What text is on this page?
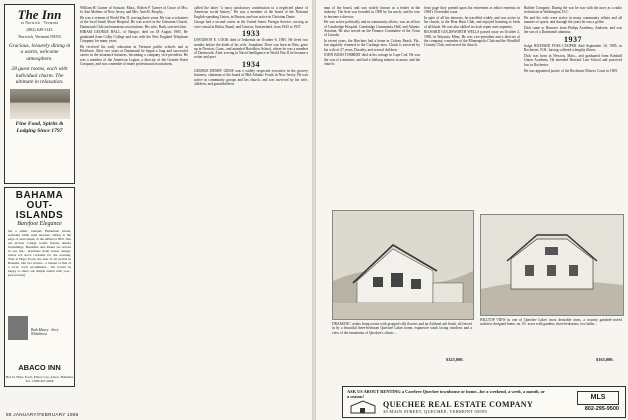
The Inn
at Norwich · Vermont
(802) 649-1143
Norwich, Vermont 05055
Gracious, leisurely dining in a warm, welcome atmosphere.
28 guest rooms, each with individual charm. The ultimate in relaxation.
Fine Food, Spirits & Lodging Since 1797
BAHAMA OUT-ISLANDS
Barefoot Elegance
On a small, tranquil, Bahamian island, secluded white sand beaches, sitting at the edge of sand dunes, is the ABACO INN. Our ten private cottage rooms feature deluxe furnishings. Breakfast and dinner are served in our inn... luxurious main house lounge, where we serve cocktails for the evening. Visit at Hope Town, the best of all worlds in Bahama. Our two ferries... a lobster or fish of a local, we'll recommend... We would be happy to share our simple island with you... (see reverse)
Ruth Maury · Jerry Whitehurst
ABACO INN
Box D, Hope Town, Elbow Cay, Abaco, Bahamas Tel. 1-809-367-2666

William H. Garner of Scituate, Mass., Robert P. Garner of Grace of Mrs. Jo Ann Mothers of New Jersey, and Mrs. Ann M. Brophy...

He was a veteran of World War II, serving three years. He was a volunteer of the local South Shore Hospital. He was active in the Unitarian Church, Dartmouth Club and numerous associations. His wife, Ruth, survives him.

HIRAM GEORGE HALL, of Bangor, died on 18 August 1985. He graduated from Colby College and was with the New England Telephone Company for many years.

He received his early education in Vermont public schools and at Hichborn. After two years at Dartmouth he began a long and successful career in the insurance business, becoming a company vice-president. He was a member of the American Legion, a director of the Granite Street Company, and was a member of many professional associations.

called the latter "a most satisfactory contribution to a neglected phase of American social history." He was a member of the board of the National English-speaking Union, in Boston, and was active in Christian Dante.

George had a second career in the United States Foreign Service, serving as vice-consul in Bahia, Brazil, and Geneva, Switzerland, from 1943 to 1947.

1933

DAVIDSON E. COOK died of leukemia on October 8, 1985. He lived two months before the death of his wife, Josephine. Dave was born in Ohio, grew up in Newton, Conn., and attended Hotchkiss School, where he was a member of Dartmouth. After serving in Naval Intelligence in World War II he became a writer and poet.

1934

GEORGE HENRY GIESE was a widely respected executive in the grocery business, chairman of the board of Mid-Atlantic Foods in New Jersey. He was active in community groups and his church, and was survived by his wife, children, and grandchildren.

88 JANUARY/FEBRUARY 1986

man of the board, and was widely known as a leader in the industry. The firm was founded in 1909 by his uncle, and he rose to become a director.

He was active politically and in community affairs, was an officer of Cambridge Hospital, Cambridge Community Hall, and Atlantic Aviation. He also served on the Finance Committee of the Town of Lincoln.

In recent years, the Hinchers had a home in Colony Beach, Fla., but regularly returned to the Carthage area. Chuck is survived by his wife of 27 years, Dorothy, and several children.

JOHN BUSH TORBERT died at his cottage in Cape Cod. He was the son of a minister, and had a lifelong interest in music and the church.

front page they printed upon his retirement as editor emeritus in 1984's November issue.

In spite of all his interests, he travelled widely and was active in his church, in the Bear Hunt Club, and enjoyed listening to birds of all kinds. He was also skilled in clock repair and carpentry.

RICHARD GOLDSWORTH WELLS passed away on October 2, 1985, in Wayzata, Minn. He was vice-president and a director of the company, a member of the Minneapolis Club and the Woodhill Country Club, and served his church.

Rubber Company. During the war he was with the navy as a radio technician in Washington, D.C.

He and his wife were active in many community affairs and all manner of sports, and through the years he was a golfer.

Dick came to Hanover from Philips Academy, Andover, and was the son of a Dartmouth alumnus.

1937

Judge RICHARD FOSS COOPER died September 10, 1985, in Rochester, N.H., having suffered a lengthy illness.

Dick was born in Newton, Mass., and graduated from Kimball Union Academy. He attended Harvard Law School and practiced law in Rochester.

He was appointed justice of the Rochester District Court in 1969.

DRAMATIC cedars bring rooms with propped sills flowers and an Ashlund ash finish, all fenced in by a beautiful three-bedroom Quechee Lakes home, expansive south facing windows and a view of the mountains of Quechee's classic...
$325,000.
HILLTOP VIEW in one of Quechee Lakes' most desirable areas, a country gambrel-roofed architect designed home, on 15+ acres with gardens, three bedrooms, two baths...
$165,000.
ASK US ABOUT RENTING a Carefree Quechee townhouse or home...for a weekend, a week, a month, or a season!
QUECHEE REAL ESTATE COMPANY
30 MAIN STREET, QUECHEE, VERMONT 05059
MLS
802-295-9500
